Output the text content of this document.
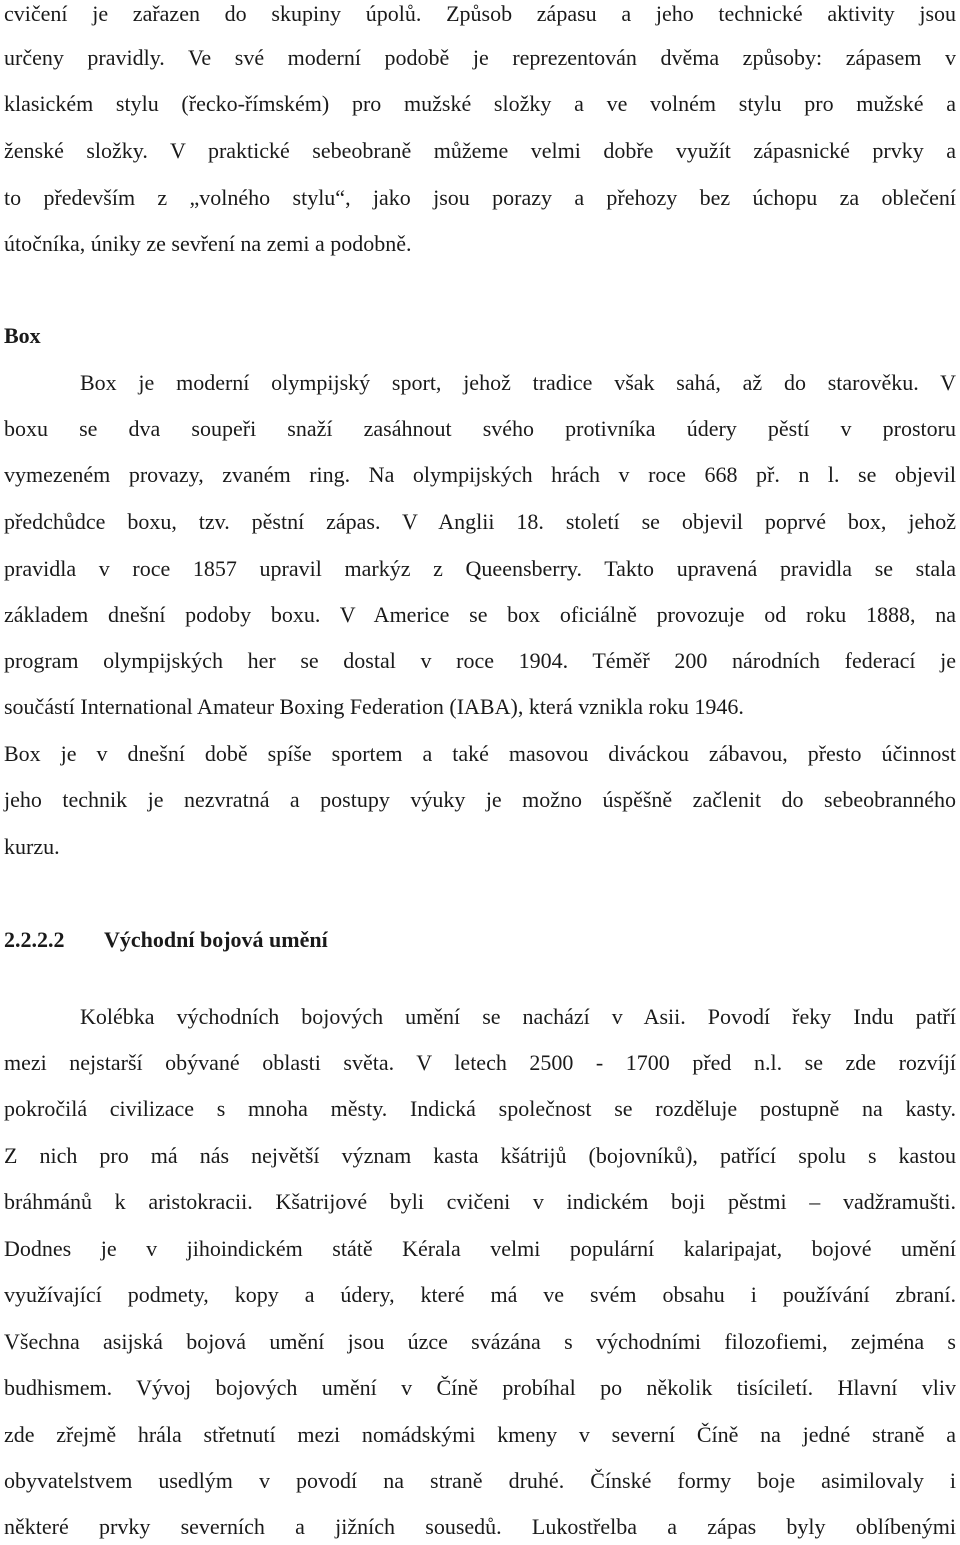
cvičení je zařazen do skupiny úpolů. Způsob zápasu a jeho technické aktivity jsou
určeny pravidly. Ve své moderní podobě je reprezentován dvěma způsoby: zápasem v
klasickém stylu (řecko-římském) pro mužské složky a ve volném stylu pro mužské a
ženské složky. V praktické sebeobraně můžeme velmi dobře využít zápasnické prvky a
to především z „volného stylu“, jako jsou porazy a přehozy bez úchopu za oblečení
útočníka, úniky ze sevření na zemi a podobně.
Box
Box je moderní olympijský sport, jehož tradice však sahá, až do starověku. V
boxu se dva soupeři snaží zasáhnout svého protivníka údery pěstí v prostoru
vymezeném provazy, zvaném ring. Na olympijských hrách v roce 668 př. n l. se objevil
předchůdce boxu, tzv. pěstní zápas. V Anglii 18. století se objevil poprvé box, jehož
pravidla v roce 1857 upravil markýz z Queensberry. Takto upravená pravidla se stala
základem dnešní podoby boxu. V Americe se box oficiálně provozuje od roku 1888, na
program olympijských her se dostal v roce 1904. Téměř 200 národních federací je
součástí International Amateur Boxing Federation (IABA), která vznikla roku 1946.
Box je v dnešní době spíše sportem a také masovou diváckou zábavou, přesto účinnost
jeho technik je nezvratná a postupy výuky je možno úspěšně začlenit do sebeobranného
kurzu.
2.2.2.2 Východní bojová umění
Kolébka východních bojových umění se nachází v Asii. Povodí řeky Indu patří
mezi nejstarší obývané oblasti světa. V letech 2500 - 1700 před n.l. se zde rozvíjí
pokročilá civilizace s mnoha městy. Indická společnost se rozděluje postupně na kasty.
Z nich pro má nás největší význam kasta kšátrijů (bojovníků), patřící spolu s kastou
bráhmánů k aristokracii. Kšatrijové byli cvičeni v indickém boji pěstmi – vadžramušti.
Dodnes je v jihoindickém státě Kérala velmi populární kalaripajat, bojové umění
využívající podmety, kopy a údery, které má ve svém obsahu i používání zbraní.
Všechna asijská bojová umění jsou úzce svázána s východními filozofiemi, zejména s
budhismem. Vývoj bojových umění v Číně probíhal po několik tisíciletí. Hlavní vliv
zde zřejmě hrála střetnutí mezi nomádskými kmeny v severní Číně na jedné straně a
obyvatelstvem usedlým v povodí na straně druhé. Čínské formy boje asimilovaly i
některé prvky severních a jižních sousedů. Lukostřelba a zápas byly oblíbenými
